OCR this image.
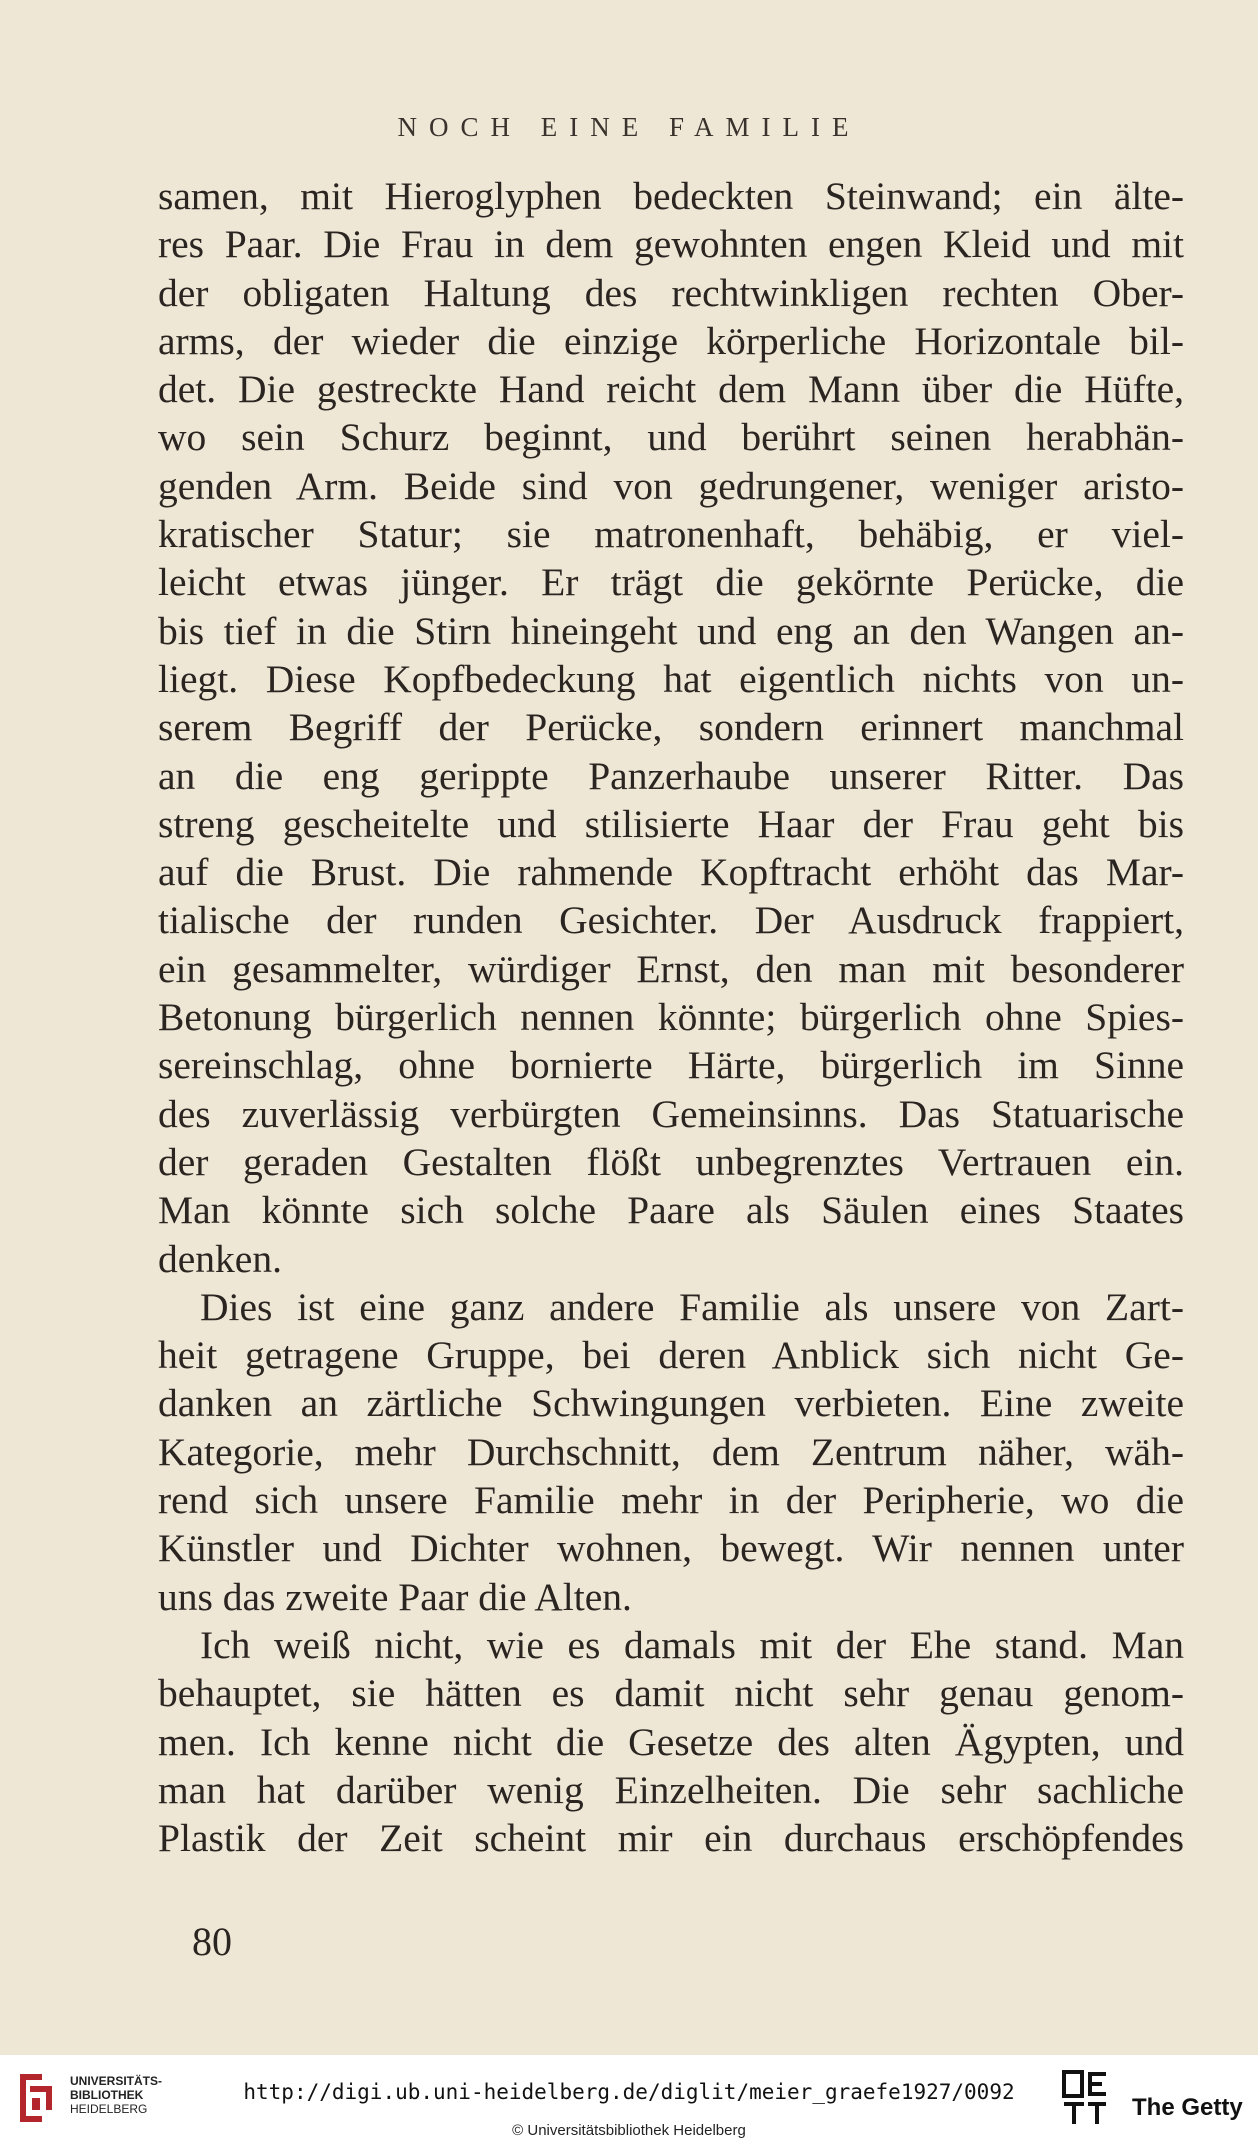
NOCH EINE FAMILIE
samen, mit Hieroglyphen bedeckten Steinwand; ein älte-
res Paar. Die Frau in dem gewohnten engen Kleid und mit
der obligaten Haltung des rechtwinkligen rechten Ober-
arms, der wieder die einzige körperliche Horizontale bil-
det. Die gestreckte Hand reicht dem Mann über die Hüfte,
wo sein Schurz beginnt, und berührt seinen herabhän-
genden Arm. Beide sind von gedrungener, weniger aristo-
kratischer Statur; sie matronenhaft, behäbig, er viel-
leicht etwas jünger. Er trägt die gekörnte Perücke, die
bis tief in die Stirn hineingeht und eng an den Wangen an-
liegt. Diese Kopfbedeckung hat eigentlich nichts von un-
serem Begriff der Perücke, sondern erinnert manchmal
an die eng gerippte Panzerhaube unserer Ritter. Das
streng gescheitelte und stilisierte Haar der Frau geht bis
auf die Brust. Die rahmende Kopftracht erhöht das Mar-
tialische der runden Gesichter. Der Ausdruck frappiert,
ein gesammelter, würdiger Ernst, den man mit besonderer
Betonung bürgerlich nennen könnte; bürgerlich ohne Spies-
sereinschlag, ohne bornierte Härte, bürgerlich im Sinne
des zuverlässig verbürgten Gemeinsinns. Das Statuarische
der geraden Gestalten flößt unbegrenztes Vertrauen ein.
Man könnte sich solche Paare als Säulen eines Staates
denken.
Dies ist eine ganz andere Familie als unsere von Zart-
heit getragene Gruppe, bei deren Anblick sich nicht Ge-
danken an zärtliche Schwingungen verbieten. Eine zweite
Kategorie, mehr Durchschnitt, dem Zentrum näher, wäh-
rend sich unsere Familie mehr in der Peripherie, wo die
Künstler und Dichter wohnen, bewegt. Wir nennen unter
uns das zweite Paar die Alten.
Ich weiß nicht, wie es damals mit der Ehe stand. Man
behauptet, sie hätten es damit nicht sehr genau genom-
men. Ich kenne nicht die Gesetze des alten Ägypten, und
man hat darüber wenig Einzelheiten. Die sehr sachliche
Plastik der Zeit scheint mir ein durchaus erschöpfendes
80
UNIVERSITÄTS-
BIBLIOTHEK
HEIDELBERG
http://digi.ub.uni-heidelberg.de/diglit/meier_graefe1927/0092
© Universitätsbibliothek Heidelberg
The Getty
